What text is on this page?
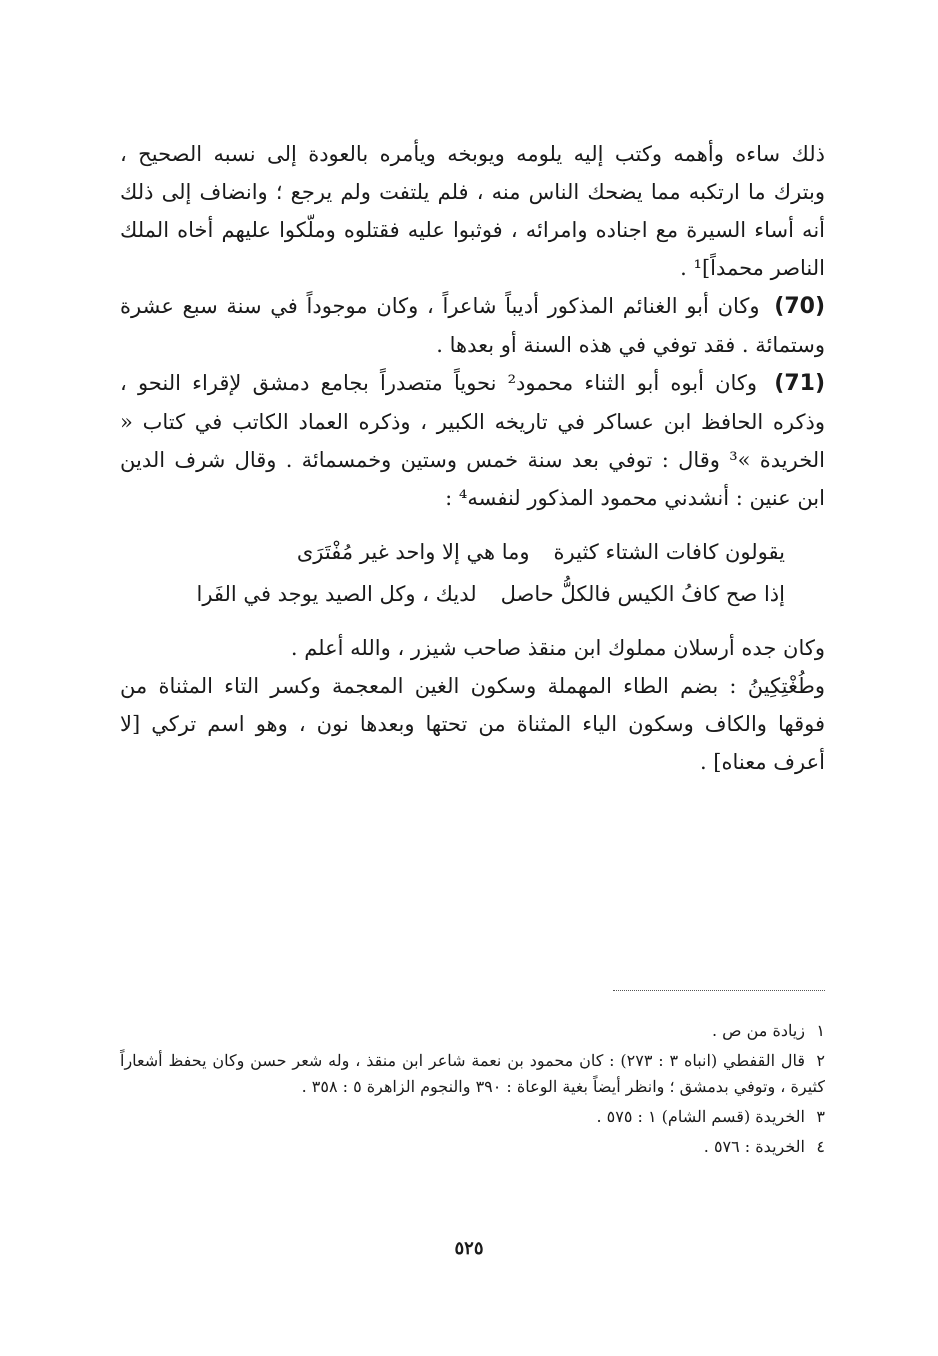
ذلك ساءه وأهمه وكتب إليه يلومه ويوبخه ويأمره بالعودة إلى نسبه الصحيح ، وبترك ما ارتكبه مما يضحك الناس منه ، فلم يلتفت ولم يرجع ؛ وانضاف إلى ذلك أنه أساء السيرة مع اجناده وامرائه ، فوثبوا عليه فقتلوه وملّكوا عليهم أخاه الملك الناصر محمداً]¹ .

(70) وكان أبو الغنائم المذكور أديباً شاعراً ، وكان موجوداً في سنة سبع عشرة وستمائة . فقد توفي في هذه السنة أو بعدها .

(71) وكان أبوه أبو الثناء محمود² نحوياً متصدراً بجامع دمشق لإقراء النحو ، وذكره الحافظ ابن عساكر في تاريخه الكبير ، وذكره العماد الكاتب في كتاب « الخريدة »³ وقال : توفي بعد سنة خمس وستين وخمسمائة . وقال شرف الدين ابن عنين : أنشدني محمود المذكور لنفسه⁴ :

يقولون كافات الشتاء كثيرة
وما هي إلا واحد غير مُفْتَرَى
إذا صح كافُ الكيس فالكلُّ حاصل
لديك ، وكل الصيد يوجد في الفَرا

وكان جده أرسلان مملوك ابن منقذ صاحب شيزر ، والله أعلم .

وطُغْتِكِينُ : بضم الطاء المهملة وسكون الغين المعجمة وكسر التاء المثناة من فوقها والكاف وسكون الياء المثناة من تحتها وبعدها نون ، وهو اسم تركي [لا أعرف معناه] .

١زيادة من ص .

٢قال القفطي (انباه ٣ : ٢٧٣) : كان محمود بن نعمة شاعر ابن منقذ ، وله شعر حسن وكان يحفظ أشعاراً كثيرة ، وتوفي بدمشق ؛ وانظر أيضاً بغية الوعاة : ٣٩٠ والنجوم الزاهرة ٥ : ٣٥٨ .

٣الخريدة (قسم الشام) ١ : ٥٧٥ .

٤الخريدة : ٥٧٦ .

٥٢٥
